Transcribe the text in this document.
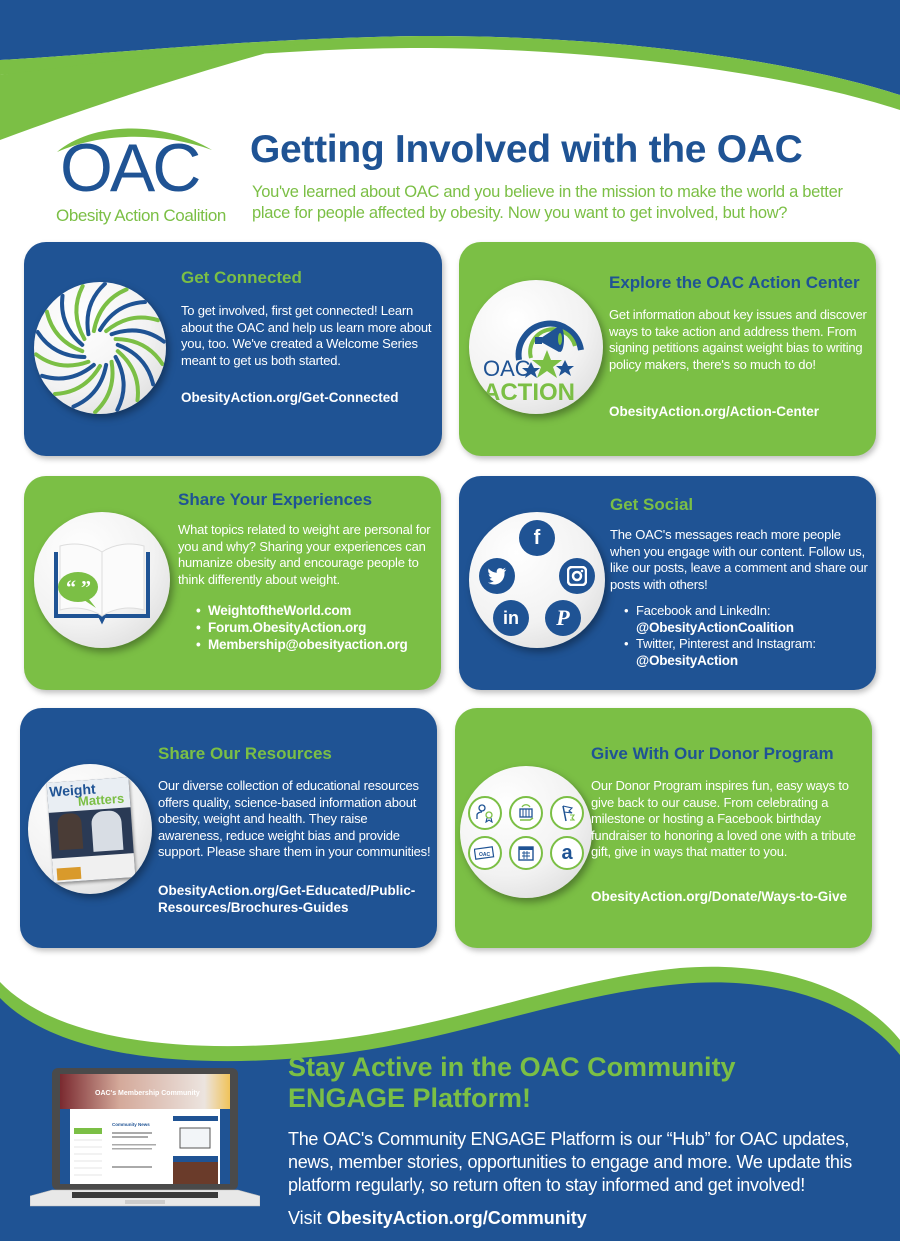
OAC
Obesity Action Coalition
Getting Involved with the OAC

You've learned about OAC and you believe in the mission to make the world a better place for people affected by obesity. Now you want to get involved, but how?

Get Connected
To get involved, first get connected! Learn about the OAC and help us learn more about you, too. We've created a Welcome Series meant to get us both started.
ObesityAction.org/Get-Connected
OAC
ACTION
Explore the OAC Action Center
Get information about key issues and discover ways to take action and address them. From signing petitions against weight bias to writing policy makers, there's so much to do!
ObesityAction.org/Action-Center
“ ”
Share Your Experiences
What topics related to weight are personal for you and why? Sharing your experiences can humanize obesity and encourage people to think differently about weight.
• WeightoftheWorld.com
• Forum.ObesityAction.org
• Membership@obesityaction.org
f
in	P
Get Social
The OAC's messages reach more people when you engage with our content. Follow us, like our posts, leave a comment and share our posts with others!
• Facebook and LinkedIn:
@ObesityActionCoalition
• Twitter, Pinterest and Instagram:
@ObesityAction
Weight
Matters
Share Our Resources
Our diverse collection of educational resources offers quality, science-based information about obesity, weight and health. They raise awareness, reduce weight bias and provide support. Please share them in your communities!
ObesityAction.org/Get-Educated/Public-
Resources/Brochures-Guides
OAC	a
Give With Our Donor Program
Our Donor Program inspires fun, easy ways to give back to our cause. From celebrating a milestone or hosting a Facebook birthday fundraiser to honoring a loved one with a tribute gift, give in ways that matter to you.
ObesityAction.org/Donate/Ways-to-Give
OAC's Membership Community
Community News
Stay Active in the OAC Community ENGAGE Platform!

The OAC's Community ENGAGE Platform is our “Hub” for OAC updates, news, member stories, opportunities to engage and more. We update this platform regularly, so return often to stay informed and get involved!

Visit ObesityAction.org/Community
